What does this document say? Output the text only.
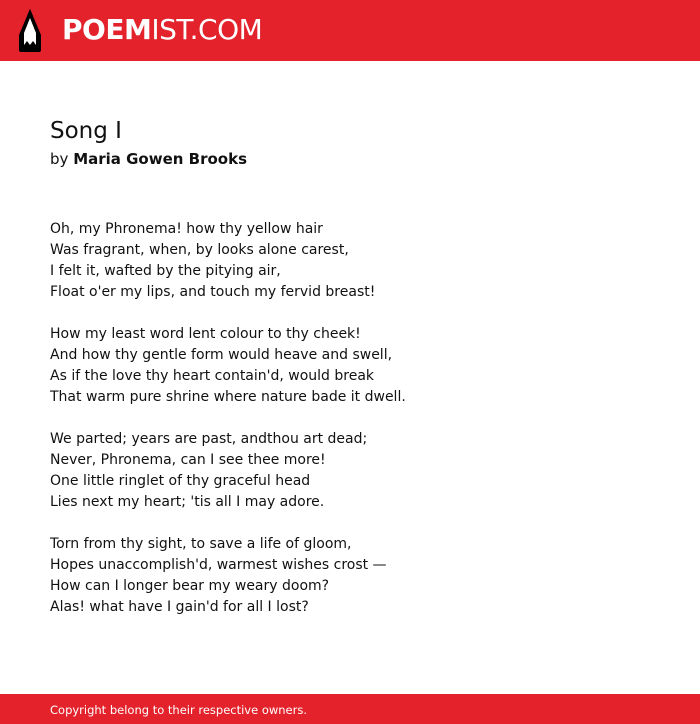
POEMIST.COM
Song I
by Maria Gowen Brooks
Oh, my Phronema! how thy yellow hair
Was fragrant, when, by looks alone carest,
I felt it, wafted by the pitying air,
Float o'er my lips, and touch my fervid breast!
How my least word lent colour to thy cheek!
And how thy gentle form would heave and swell,
As if the love thy heart contain'd, would break
That warm pure shrine where nature bade it dwell.
We parted; years are past, andthou art dead;
Never, Phronema, can I see thee more!
One little ringlet of thy graceful head
Lies next my heart; 'tis all I may adore.
Torn from thy sight, to save a life of gloom,
Hopes unaccomplish'd, warmest wishes crost —
How can I longer bear my weary doom?
Alas! what have I gain'd for all I lost?
Copyright belong to their respective owners.
